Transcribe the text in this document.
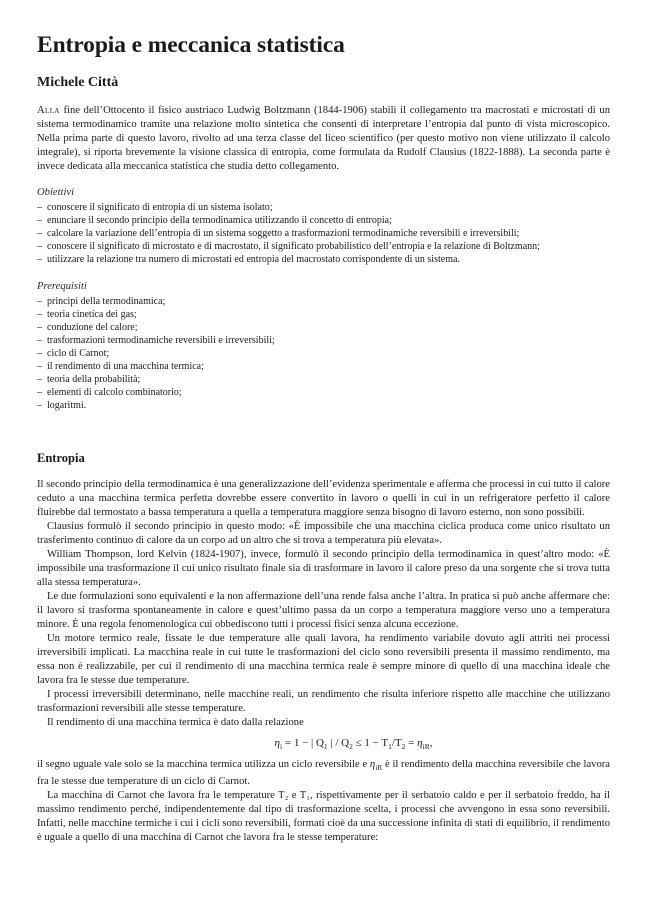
Entropia e meccanica statistica
Michele Città

Alla fine dell’Ottocento il fisico austriaco Ludwig Boltzmann (1844-1906) stabilì il collegamento tra macrostati e microstati di un sistema termodinamico tramite una relazione molto sintetica che consentì di interpretare l’entropia dal punto di vista microscopico. Nella prima parte di questo lavoro, rivolto ad una terza classe del liceo scientifico (per questo motivo non viene utilizzato il calcolo integrale), si riporta brevemente la visione classica di entropia, come formulata da Rudolf Clausius (1822-1888). La seconda parte è invece dedicata alla meccanica statistica che studia detto collegamento.

Obiettivi
– conoscere il significato di entropia di un sistema isolato;
– enunciare il secondo principio della termodinamica utilizzando il concetto di entropia;
– calcolare la variazione dell’entropia di un sistema soggetto a trasformazioni termodinamiche reversibili e irreversibili;
– conoscere il significato di microstato e di macrostato, il significato probabilistico dell’entropia e la relazione di Boltzmann;
– utilizzare la relazione tra numero di microstati ed entropia del macrostato corrispondente di un sistema.
Prerequisiti
– principi della termodinamica;
– teoria cinetica dei gas;
– conduzione del calore;
– trasformazioni termodinamiche reversibili e irreversibili;
– ciclo di Carnot;
– il rendimento di una macchina termica;
– teoria della probabilità;
– elementi di calcolo combinatorio;
– logaritmi.
Entropia

Il secondo principio della termodinamica è una generalizzazione dell’evidenza sperimentale e afferma che processi in cui tutto il calore ceduto a una macchina termica perfetta dovrebbe essere convertito in lavoro o quelli in cui in un refrigeratore perfetto il calore fluirebbe dal termostato a bassa temperatura a quella a temperatura maggiore senza bisogno di lavoro esterno, non sono possibili.

Clausius formulò il secondo principio in questo modo: «È impossibile che una macchina ciclica produca come unico risultato un trasferimento continuo di calore da un corpo ad un altro che si trova a temperatura più elevata».

William Thompson, lord Kelvin (1824-1907), invece, formulò il secondo principio della termodinamica in quest’altro modo: «È impossibile una trasformazione il cui unico risultato finale sia di trasformare in lavoro il calore preso da una sorgente che si trova tutta alla stessa temperatura».

Le due formulazioni sono equivalenti e la non affermazione dell’una rende falsa anche l’altra. In pratica si può anche affermare che: il lavoro si trasforma spontaneamente in calore e quest’ultimo passa da un corpo a temperatura maggiore verso uno a temperatura minore. È una regola fenomenologica cui obbediscono tutti i processi fisici senza alcuna eccezione.

Un motore termico reale, fissate le due temperature alle quali lavora, ha rendimento variabile dovuto agli attriti nei processi irreversibili implicati. La macchina reale in cui tutte le trasformazioni del ciclo sono reversibili presenta il massimo rendimento, ma essa non è realizzabile, per cui il rendimento di una macchina termica reale è sempre minore di quello di una macchina ideale che lavora fra le stesse due temperature.

I processi irreversibili determinano, nelle macchine reali, un rendimento che risulta inferiore rispetto alle macchine che utilizzano trasformazioni reversibili alle stesse temperature.

Il rendimento di una macchina termica è dato dalla relazione

$\eta_i = 1$ − | $Q_1$ | / $Q_2 \le 1 - T_1/T_2 = \eta_{iR}$,

il segno uguale vale solo se la macchina termica utilizza un ciclo reversibile e $\eta_{iR}$ è il rendimento della macchina reversibile che lavora fra le stesse due temperature di un ciclo di Carnot.

La macchina di Carnot che lavora fra le temperature T₂ e T₁, rispettivamente per il serbatoio caldo e per il serbatoio freddo, ha il massimo rendimento perché, indipendentemente dal tipo di trasformazione scelta, i processi che avvengono in essa sono reversibili. Infatti, nelle macchine termiche i cui i cicli sono reversibili, formati cioè da una successione infinita di stati di equilibrio, il rendimento è uguale a quello di una macchina di Carnot che lavora fra le stesse temperature:
